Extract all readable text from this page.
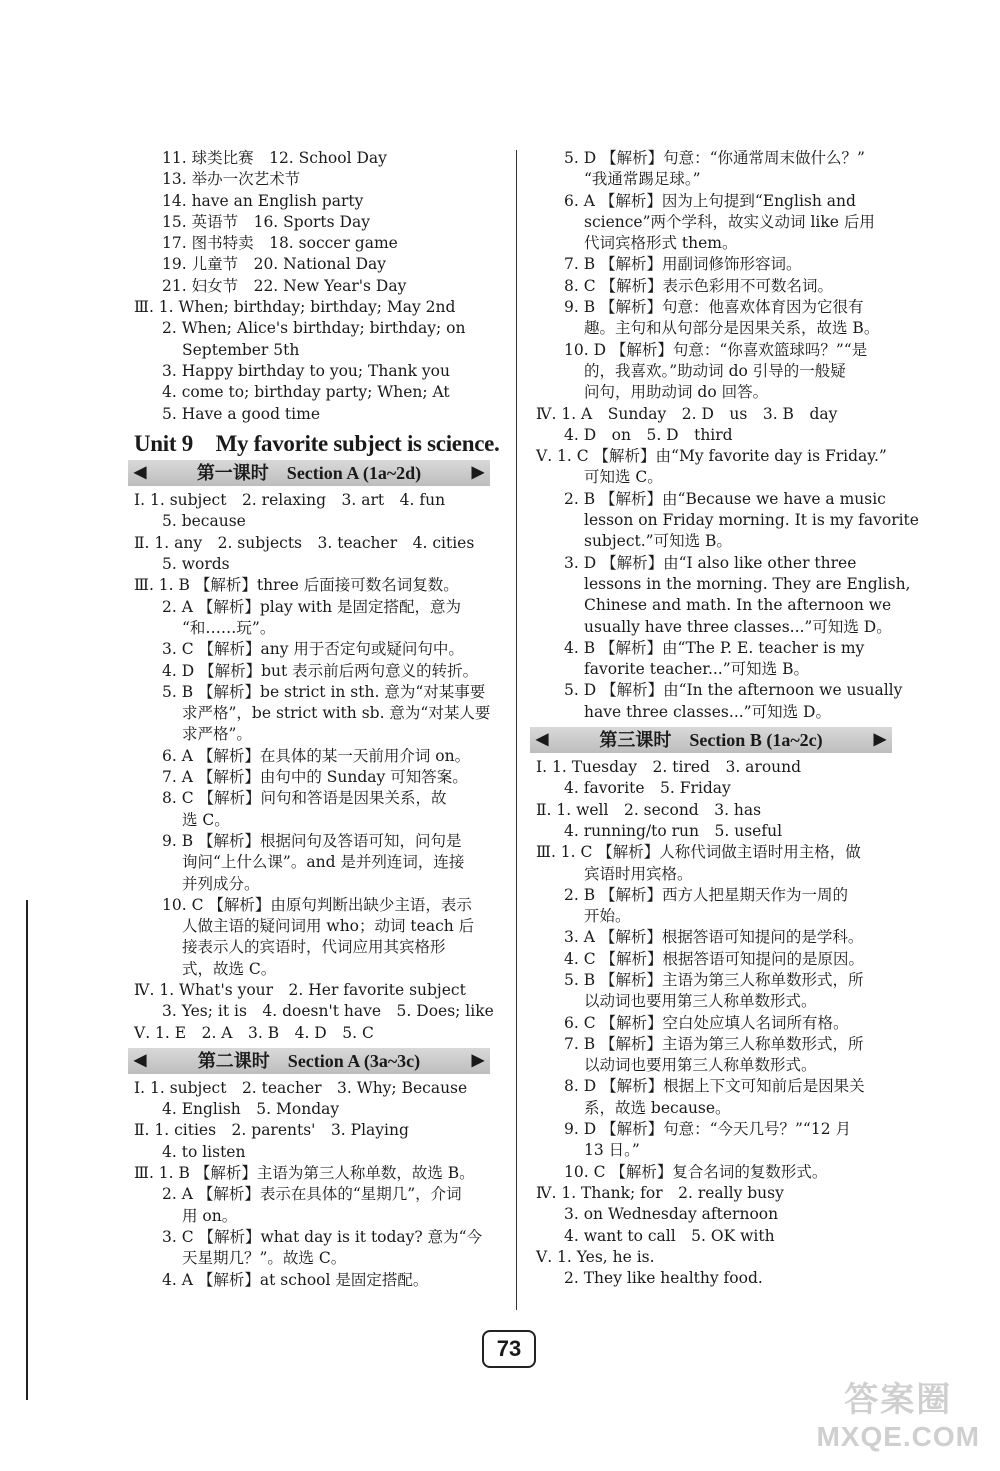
11. 球类比赛　12. School Day
13. 举办一次艺术节
14. have an English party
15. 英语节　16. Sports Day
17. 图书特卖　18. soccer game
19. 儿童节　20. National Day
21. 妇女节　22. New Year's Day
Ⅲ. 1. When; birthday; birthday; May 2nd
2. When; Alice's birthday; birthday; on
September 5th
3. Happy birthday to you; Thank you
4. come to; birthday party; When; At
5. Have a good time
Unit 9　My favorite subject is science.
◀	第一课时　Section A (1a~2d)	▶
Ⅰ. 1. subject　2. relaxing　3. art　4. fun
5. because
Ⅱ. 1. any　2. subjects　3. teacher　4. cities
5. words
Ⅲ. 1. B 【解析】three 后面接可数名词复数。
2. A 【解析】play with 是固定搭配，意为
“和……玩”。
3. C 【解析】any 用于否定句或疑问句中。
4. D 【解析】but 表示前后两句意义的转折。
5. B 【解析】be strict in sth. 意为“对某事要
求严格”，be strict with sb. 意为“对某人要
求严格”。
6. A 【解析】在具体的某一天前用介词 on。
7. A 【解析】由句中的 Sunday 可知答案。
8. C 【解析】问句和答语是因果关系，故
选 C。
9. B 【解析】根据问句及答语可知，问句是
询问“上什么课”。and 是并列连词，连接
并列成分。
10. C 【解析】由原句判断出缺少主语，表示
人做主语的疑问词用 who；动词 teach 后
接表示人的宾语时，代词应用其宾格形
式，故选 C。
Ⅳ. 1. What's your　2. Her favorite subject
3. Yes; it is　4. doesn't have　5. Does; like
Ⅴ. 1. E　2. A　3. B　4. D　5. C
◀	第二课时　Section A (3a~3c)	▶
Ⅰ. 1. subject　2. teacher　3. Why; Because
4. English　5. Monday
Ⅱ. 1. cities　2. parents'　3. Playing
4. to listen
Ⅲ. 1. B 【解析】主语为第三人称单数，故选 B。
2. A 【解析】表示在具体的“星期几”，介词
用 on。
3. C 【解析】what day is it today? 意为“今
天星期几？”。故选 C。
4. A 【解析】at school 是固定搭配。
5. D 【解析】句意：“你通常周末做什么？”
“我通常踢足球。”
6. A 【解析】因为上句提到“English and
science”两个学科，故实义动词 like 后用
代词宾格形式 them。
7. B 【解析】用副词修饰形容词。
8. C 【解析】表示色彩用不可数名词。
9. B 【解析】句意：他喜欢体育因为它很有
趣。主句和从句部分是因果关系，故选 B。
10. D 【解析】句意：“你喜欢篮球吗？”“是
的，我喜欢。”助动词 do 引导的一般疑
问句，用助动词 do 回答。
Ⅳ. 1. A　Sunday　2. D　us　3. B　day
4. D　on　5. D　third
Ⅴ. 1. C 【解析】由“My favorite day is Friday.”
可知选 C。
2. B 【解析】由“Because we have a music
lesson on Friday morning. It is my favorite
subject.”可知选 B。
3. D 【解析】由“I also like other three
lessons in the morning. They are English,
Chinese and math. In the afternoon we
usually have three classes...”可知选 D。
4. B 【解析】由“The P. E. teacher is my
favorite teacher...”可知选 B。
5. D 【解析】由“In the afternoon we usually
have three classes...”可知选 D。
◀	第三课时　Section B (1a~2c)	▶
Ⅰ. 1. Tuesday　2. tired　3. around
4. favorite　5. Friday
Ⅱ. 1. well　2. second　3. has
4. running/to run　5. useful
Ⅲ. 1. C 【解析】人称代词做主语时用主格，做
宾语时用宾格。
2. B 【解析】西方人把星期天作为一周的
开始。
3. A 【解析】根据答语可知提问的是学科。
4. C 【解析】根据答语可知提问的是原因。
5. B 【解析】主语为第三人称单数形式，所
以动词也要用第三人称单数形式。
6. C 【解析】空白处应填人名词所有格。
7. B 【解析】主语为第三人称单数形式，所
以动词也要用第三人称单数形式。
8. D 【解析】根据上下文可知前后是因果关
系，故选 because。
9. D 【解析】句意：“今天几号？”“12 月
13 日。”
10. C 【解析】复合名词的复数形式。
Ⅳ. 1. Thank; for　2. really busy
3. on Wednesday afternoon
4. want to call　5. OK with
Ⅴ. 1. Yes, he is.
2. They like healthy food.
73
答案圈
MXQE.COM
